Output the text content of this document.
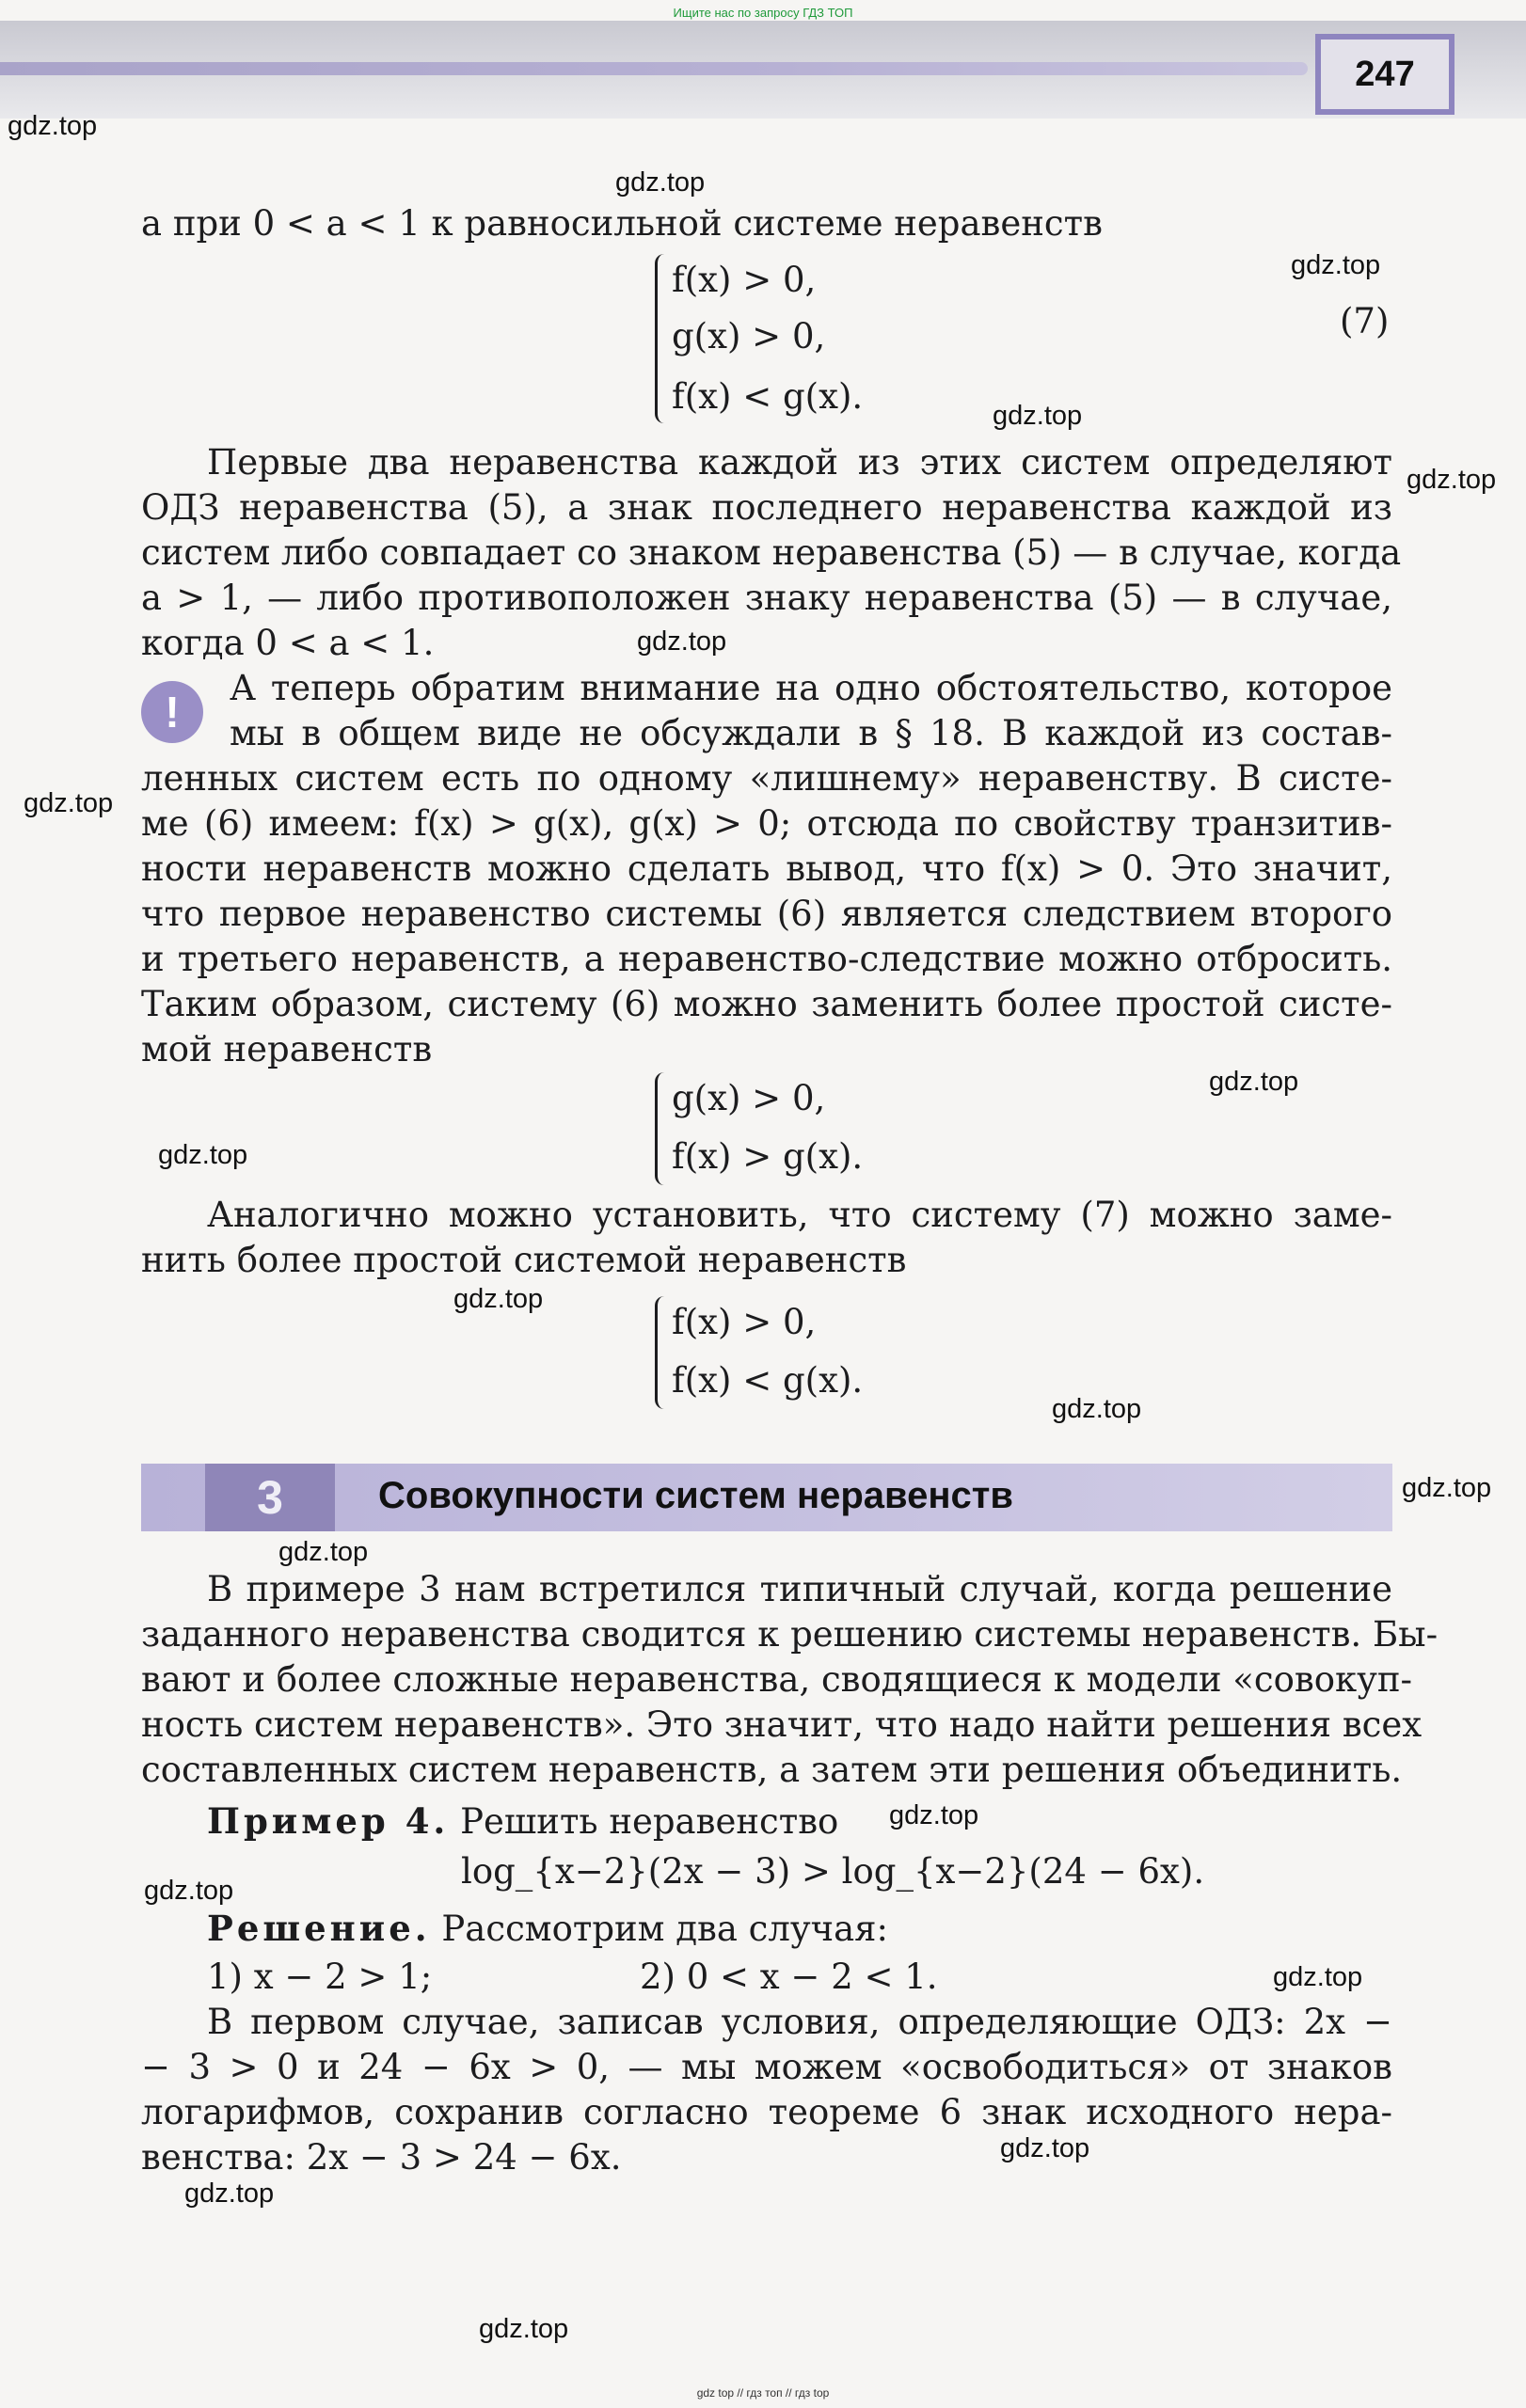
Ищите нас по запросу ГДЗ ТОП
247
gdz.top
gdz.top
gdz.top
gdz.top
gdz.top
gdz.top
gdz.top
gdz.top
gdz.top
gdz.top
gdz.top
gdz.top
gdz.top
gdz.top
gdz.top
gdz.top
gdz.top
gdz.top
gdz.top
а при 0 < a < 1 к равносильной системе неравенств
f(x) > 0,
g(x) > 0,
f(x) < g(x).
(7)
Первые два неравенства каждой из этих систем определяют
ОДЗ неравенства (5), а знак последнего неравенства каждой из
систем либо совпадает со знаком неравенства (5) — в случае, когда
a > 1, — либо противоположен знаку неравенства (5) — в случае,
когда 0 < a < 1.
!	А теперь обратим внимание на одно обстоятельство, которое
мы в общем виде не обсуждали в § 18. В каждой из состав-
ленных систем есть по одному «лишнему» неравенству. В систе-
ме (6) имеем: f(x) > g(x), g(x) > 0; отсюда по свойству транзитив-
ности неравенств можно сделать вывод, что f(x) > 0. Это значит,
что первое неравенство системы (6) является следствием второго
и третьего неравенств, а неравенство-следствие можно отбросить.
Таким образом, систему (6) можно заменить более простой систе-
мой неравенств
g(x) > 0,
f(x) > g(x).
Аналогично можно установить, что систему (7) можно заме-
нить более простой системой неравенств
f(x) > 0,
f(x) < g(x).
3	Совокупности систем неравенств
В примере 3 нам встретился типичный случай, когда решение
заданного неравенства сводится к решению системы неравенств. Бы-
вают и более сложные неравенства, сводящиеся к модели «совокуп-
ность систем неравенств». Это значит, что надо найти решения всех
составленных систем неравенств, а затем эти решения объединить.
Пример 4. Решить неравенство
log_{x−2}(2x − 3) > log_{x−2}(24 − 6x).
Решение. Рассмотрим два случая:
1) x − 2 > 1;	2) 0 < x − 2 < 1.
В первом случае, записав условия, определяющие ОДЗ: 2x −
− 3 > 0 и 24 − 6x > 0, — мы можем «освободиться» от знаков
логарифмов, сохранив согласно теореме 6 знак исходного нера-
венства: 2x − 3 > 24 − 6x.
gdz top // гдз топ // гдз top
